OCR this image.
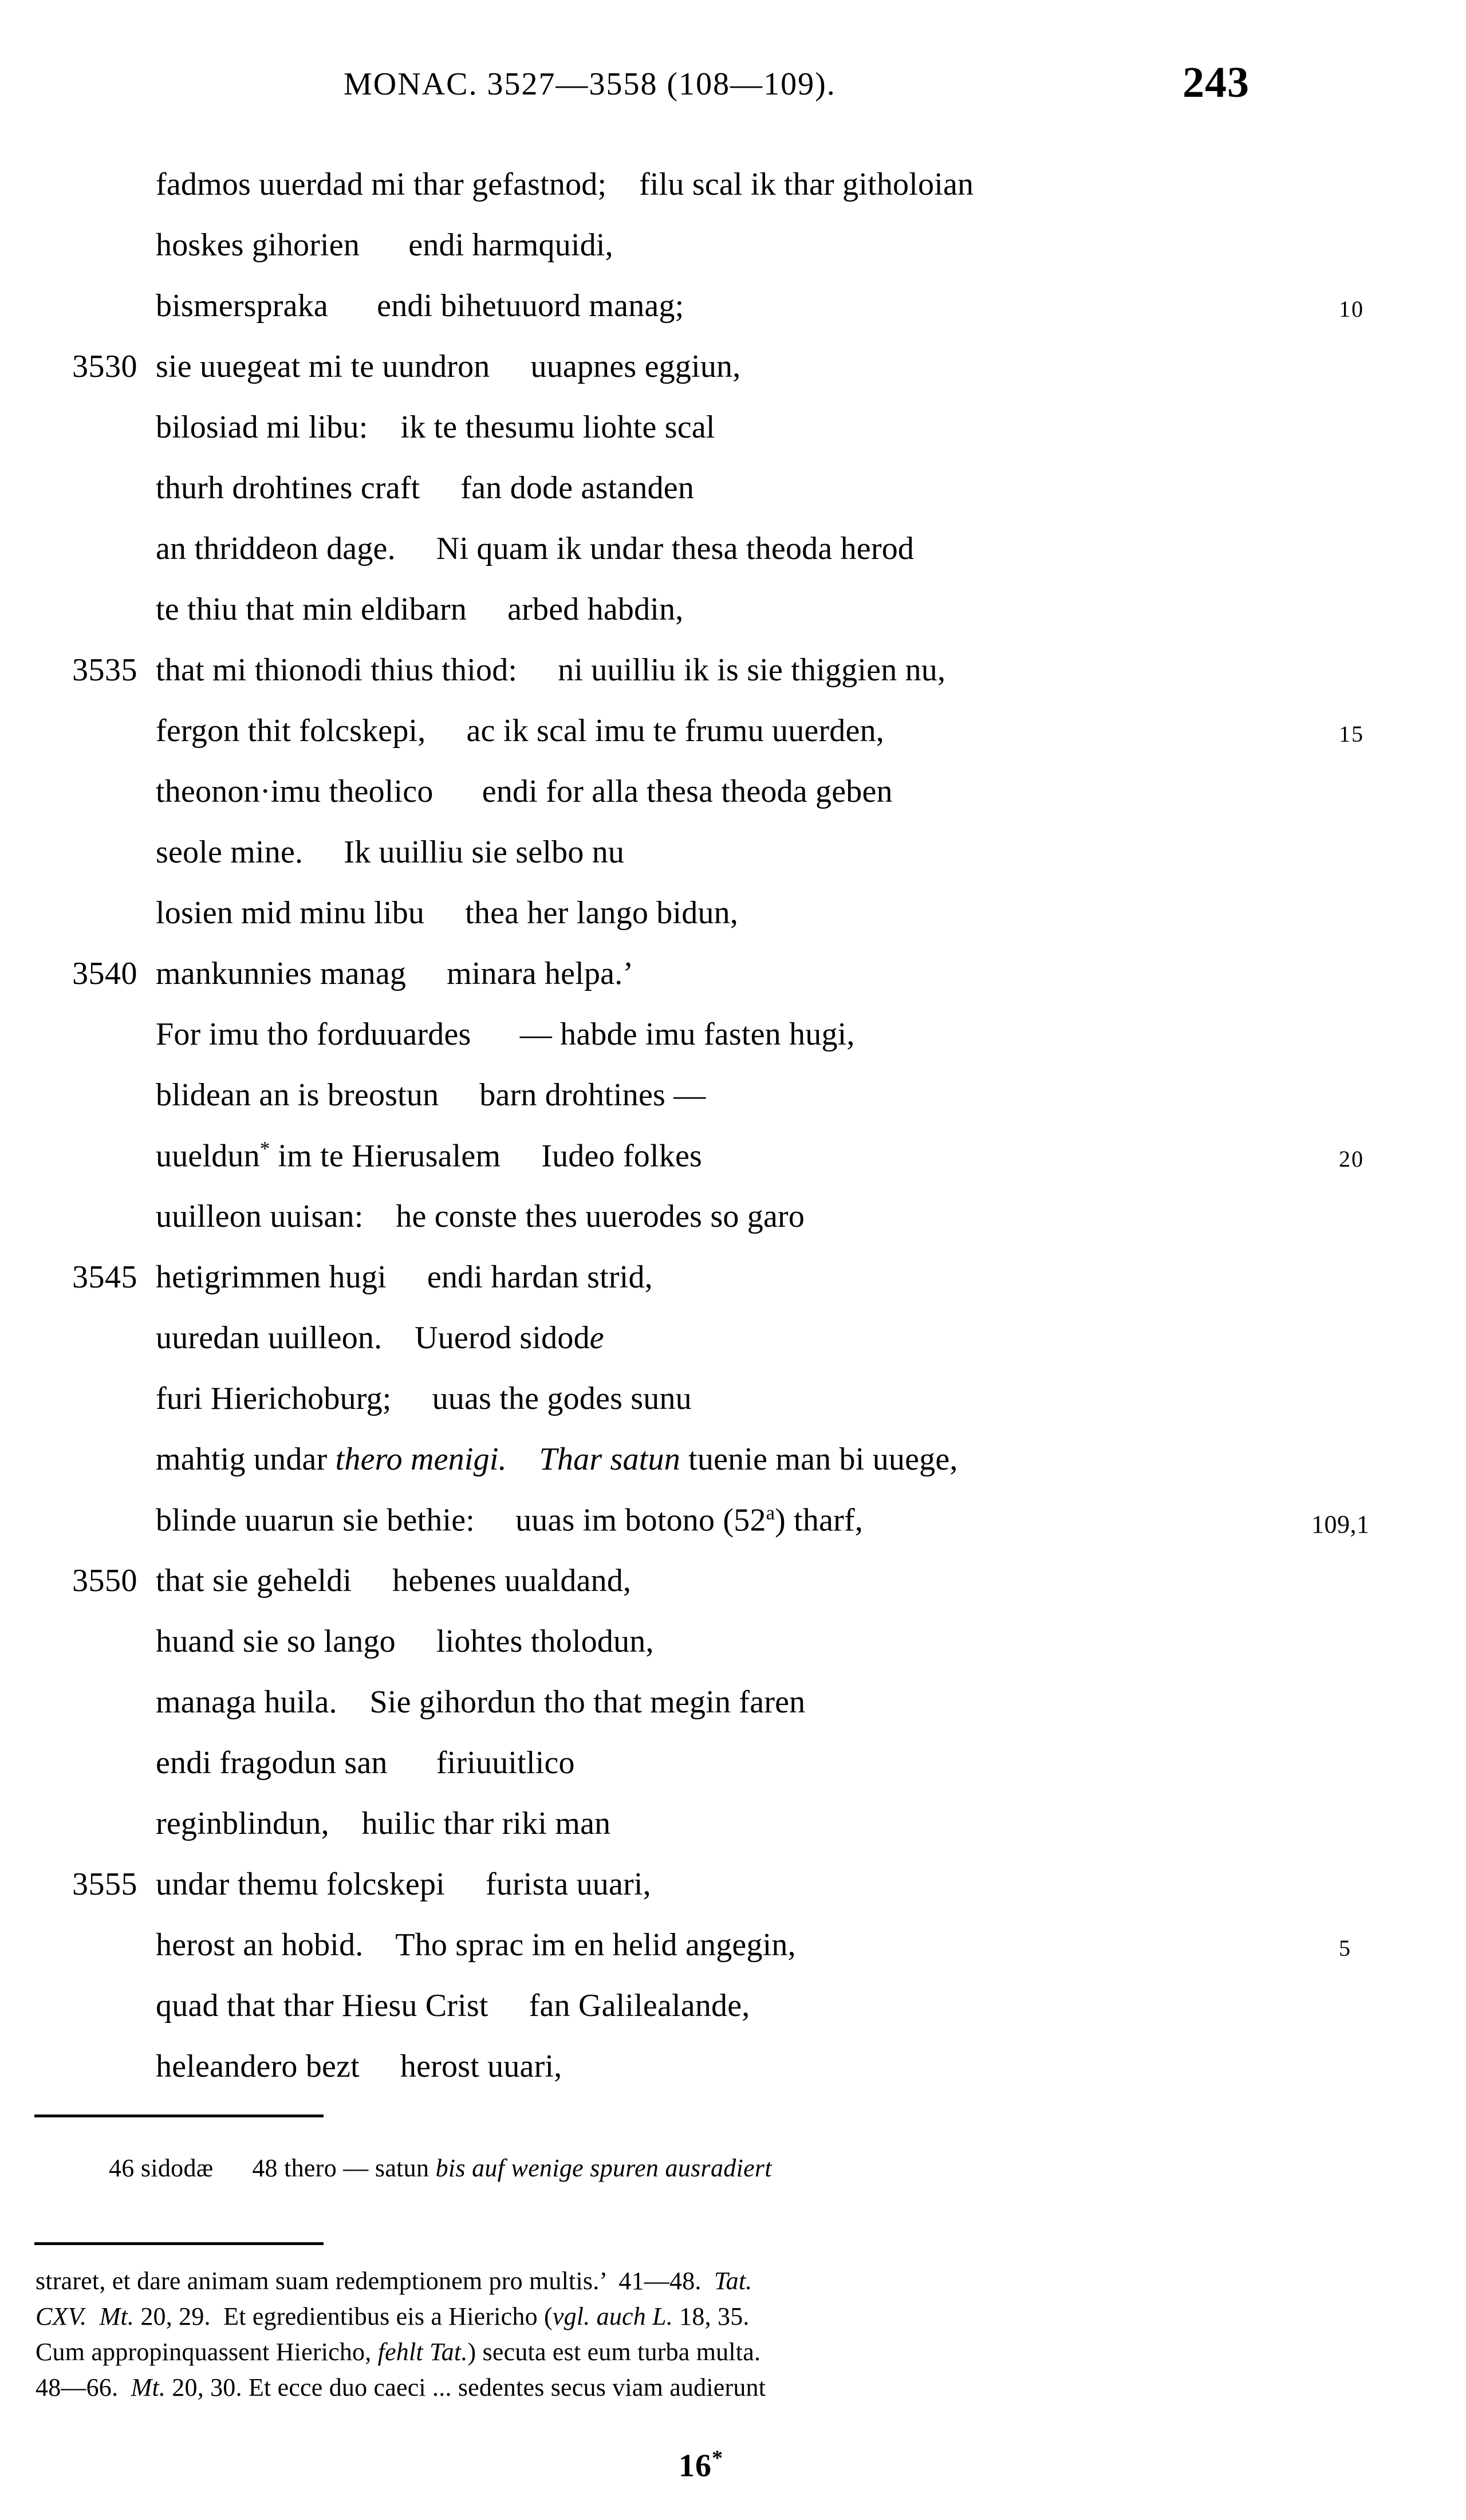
MONAC. 3527—3558 (108—109).	243
fadmos uuerdad mi thar gefastnod;    filu scal ik thar githoloian
hoskes gihorien      endi harmquidi,
bismerspraka      endi bihetuuord manag;	10
3530 sie uuegeat mi te uundron     uuapnes eggiun,
bilosiad mi libu:    ik te thesumu liohte scal
thurh drohtines craft     fan dode astanden
an thriddeon dage.     Ni quam ik undar thesa theoda herod
te thiu that min eldibarn     arbed habdin,
3535 that mi thionodi thius thiod:     ni uuilliu ik is sie thiggien nu,
fergon thit folcskepi,     ac ik scal imu te frumu uuerden,	15
theonon·imu theolico      endi for alla thesa theoda geben
seole mine.     Ik uuilliu sie selbo nu
losien mid minu libu     thea her lango bidun,
3540 mankunnies manag     minara helpa.’
For imu tho forduuardes      — habde imu fasten hugi,
blidean an is breostun     barn drohtines —
uueldun* im te Hierusalem     Iudeo folkes	20
uuilleon uuisan:    he conste thes uuerodes so garo
3545 hetigrimmen hugi     endi hardan strid,
uuredan uuilleon.    Uuerod sidode
furi Hierichoburg;     uuas the godes sunu
mahtig undar thero menigi. Thar satun tuenie man bi uuege,
blinde uuarun sie bethie:     uuas im botono (52$^a$) tharf,	109,1
3550 that sie geheldi     hebenes uualdand,
huand sie so lango     liohtes tholodun,
managa huila.    Sie gihordun tho that megin faren
endi fragodun san      firiuuitlico
reginblindun,    huilic thar riki man
3555 undar themu folcskepi     furista uuari,
herost an hobid.    Tho sprac im en helid angegin,	5
quad that thar Hiesu Crist     fan Galilealande,
heleandero bezt     herost uuari,
46 sidodæ      48 thero — satun bis auf wenige spuren ausradiert
straret, et dare animam suam redemptionem pro multis.’  41—48.  Tat.
CXV.  Mt. 20, 29.  Et egredientibus eis a Hiericho (vgl. auch L. 18, 35.
Cum appropinquassent Hiericho, fehlt Tat.) secuta est eum turba multa.
48—66.  Mt. 20, 30. Et ecce duo caeci ... sedentes secus viam audierunt
16*
